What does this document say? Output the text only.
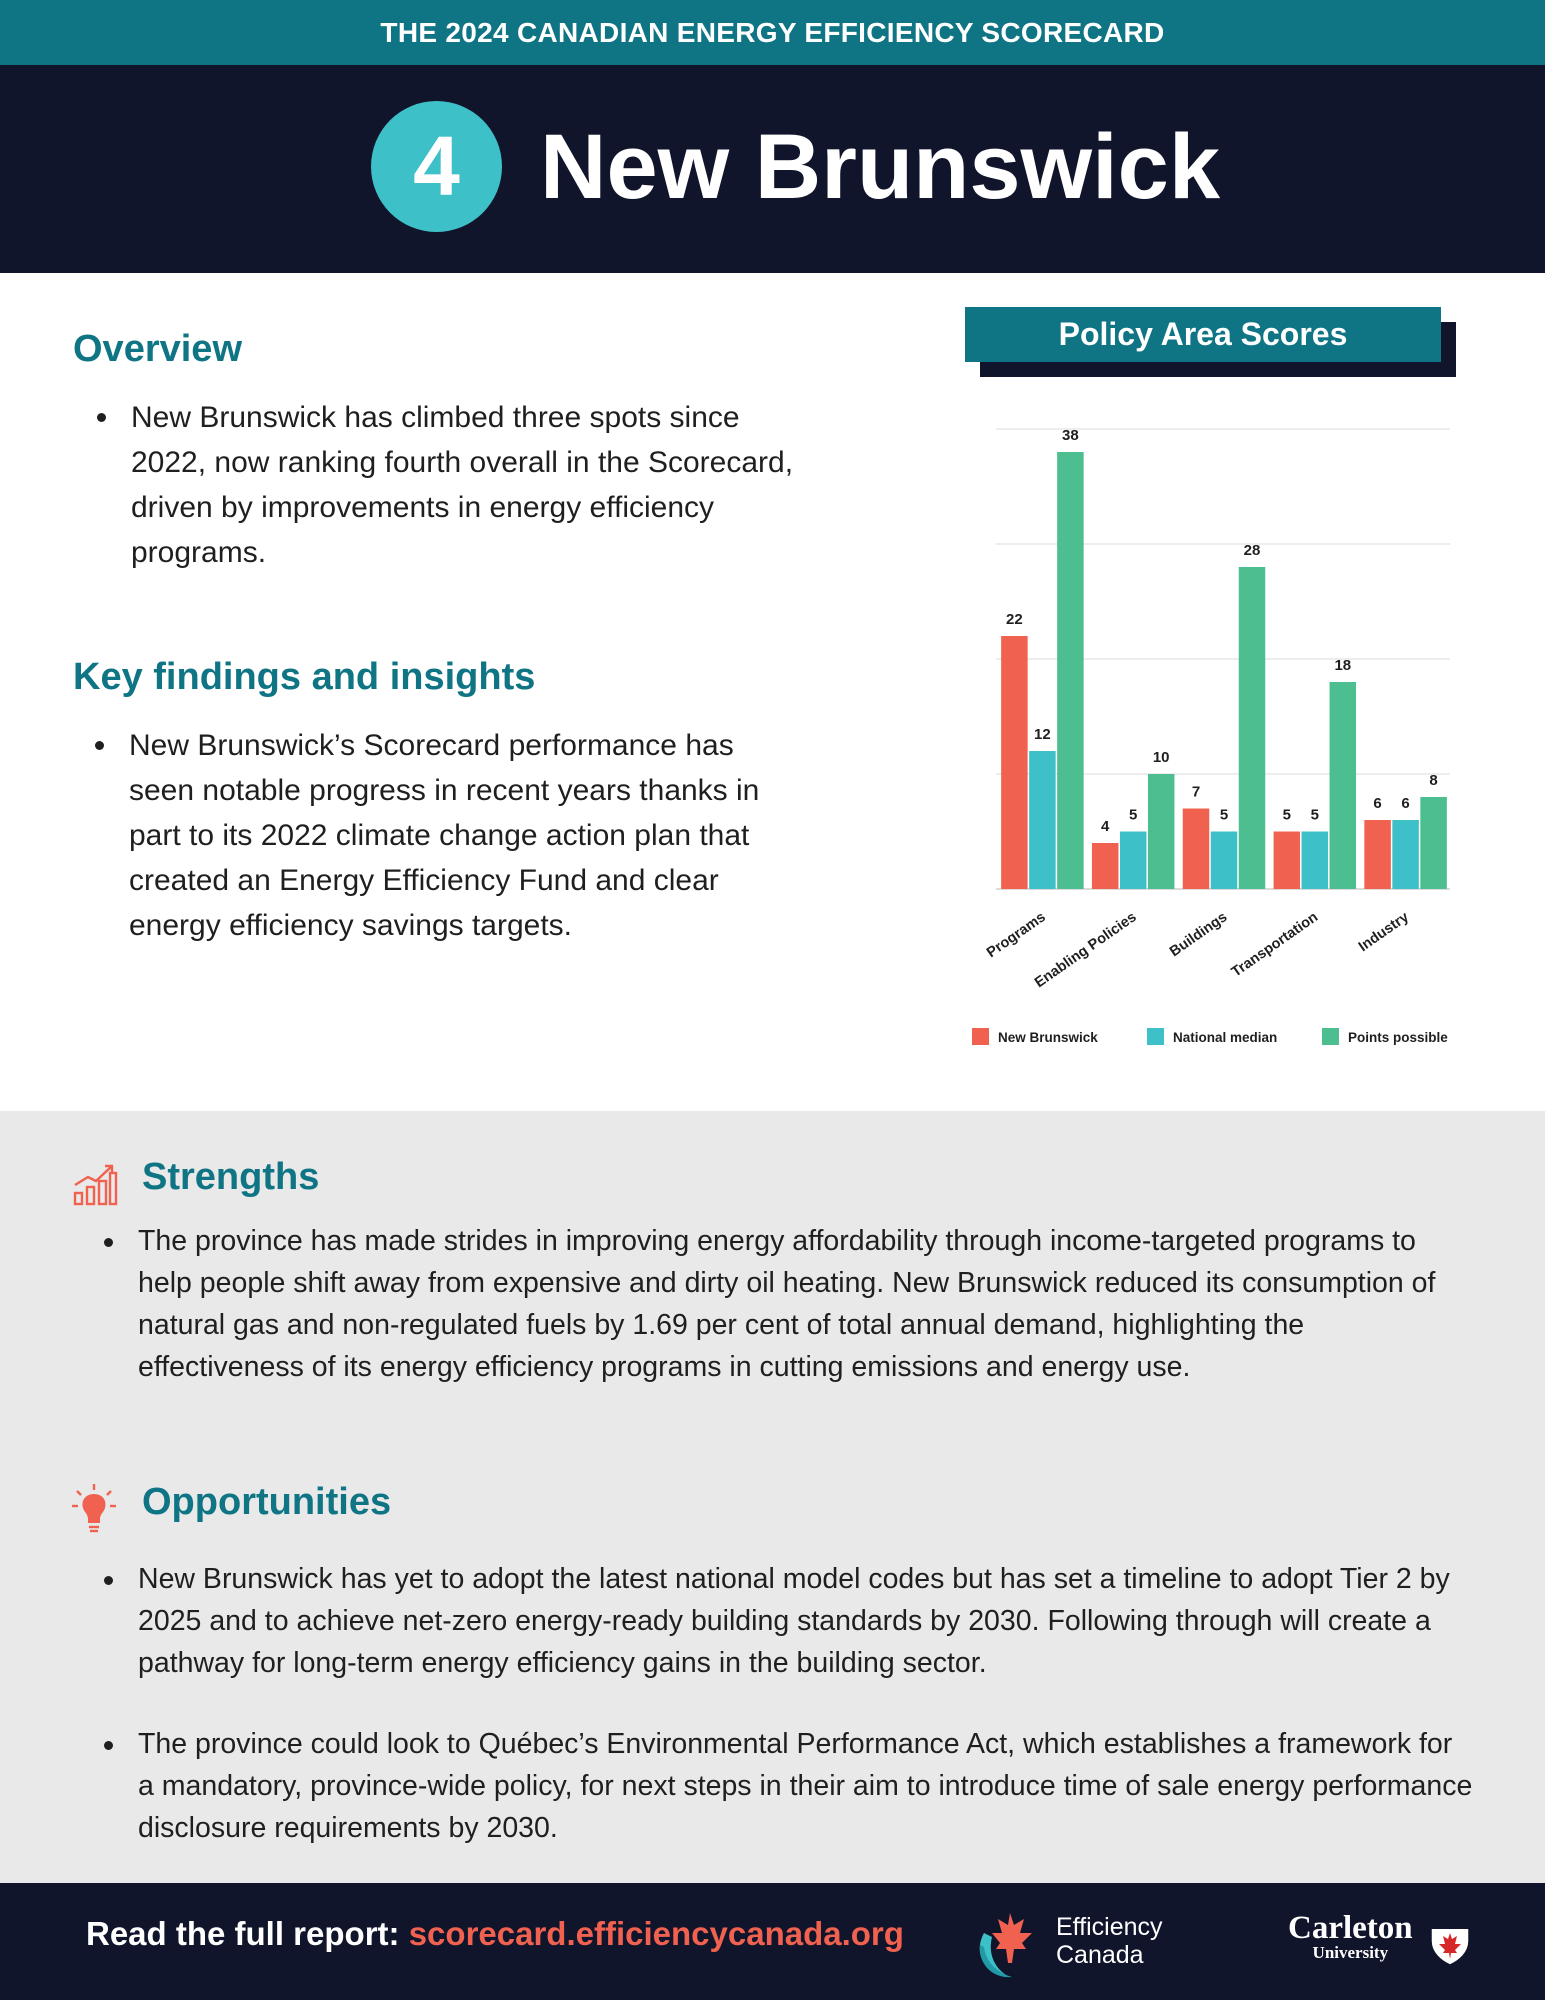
THE 2024 CANADIAN ENERGY EFFICIENCY SCORECARD
4 New Brunswick
Overview
New Brunswick has climbed three spots since 2022, now ranking fourth overall in the Scorecard, driven by improvements in energy efficiency programs.
Key findings and insights
New Brunswick’s Scorecard performance has seen notable progress in recent years thanks in part to its 2022 climate change action plan that created an Energy Efficiency Fund and clear energy efficiency savings targets.
Policy Area Scores
22
12
38
Programs
4
5
10
Enabling Policies
7
5
28
Buildings
5 5
18
Transportation
6 6
8
Industry
New Brunswick	National median	Points possible
Strengths
The province has made strides in improving energy affordability through income-targeted programs to help people shift away from expensive and dirty oil heating. New Brunswick reduced its consumption of natural gas and non-regulated fuels by 1.69 per cent of total annual demand, highlighting the effectiveness of its energy efficiency programs in cutting emissions and energy use.
Opportunities
New Brunswick has yet to adopt the latest national model codes but has set a timeline to adopt Tier 2 by 2025 and to achieve net-zero energy-ready building standards by 2030. Following through will create a pathway for long-term energy efficiency gains in the building sector.
The province could look to Québec’s Environmental Performance Act, which establishes a framework for a mandatory, province-wide policy, for next steps in their aim to introduce time of sale energy performance disclosure requirements by 2030.
Read the full report: scorecard.efficiencycanada.org	Efficiency
Canada
Carleton
University
